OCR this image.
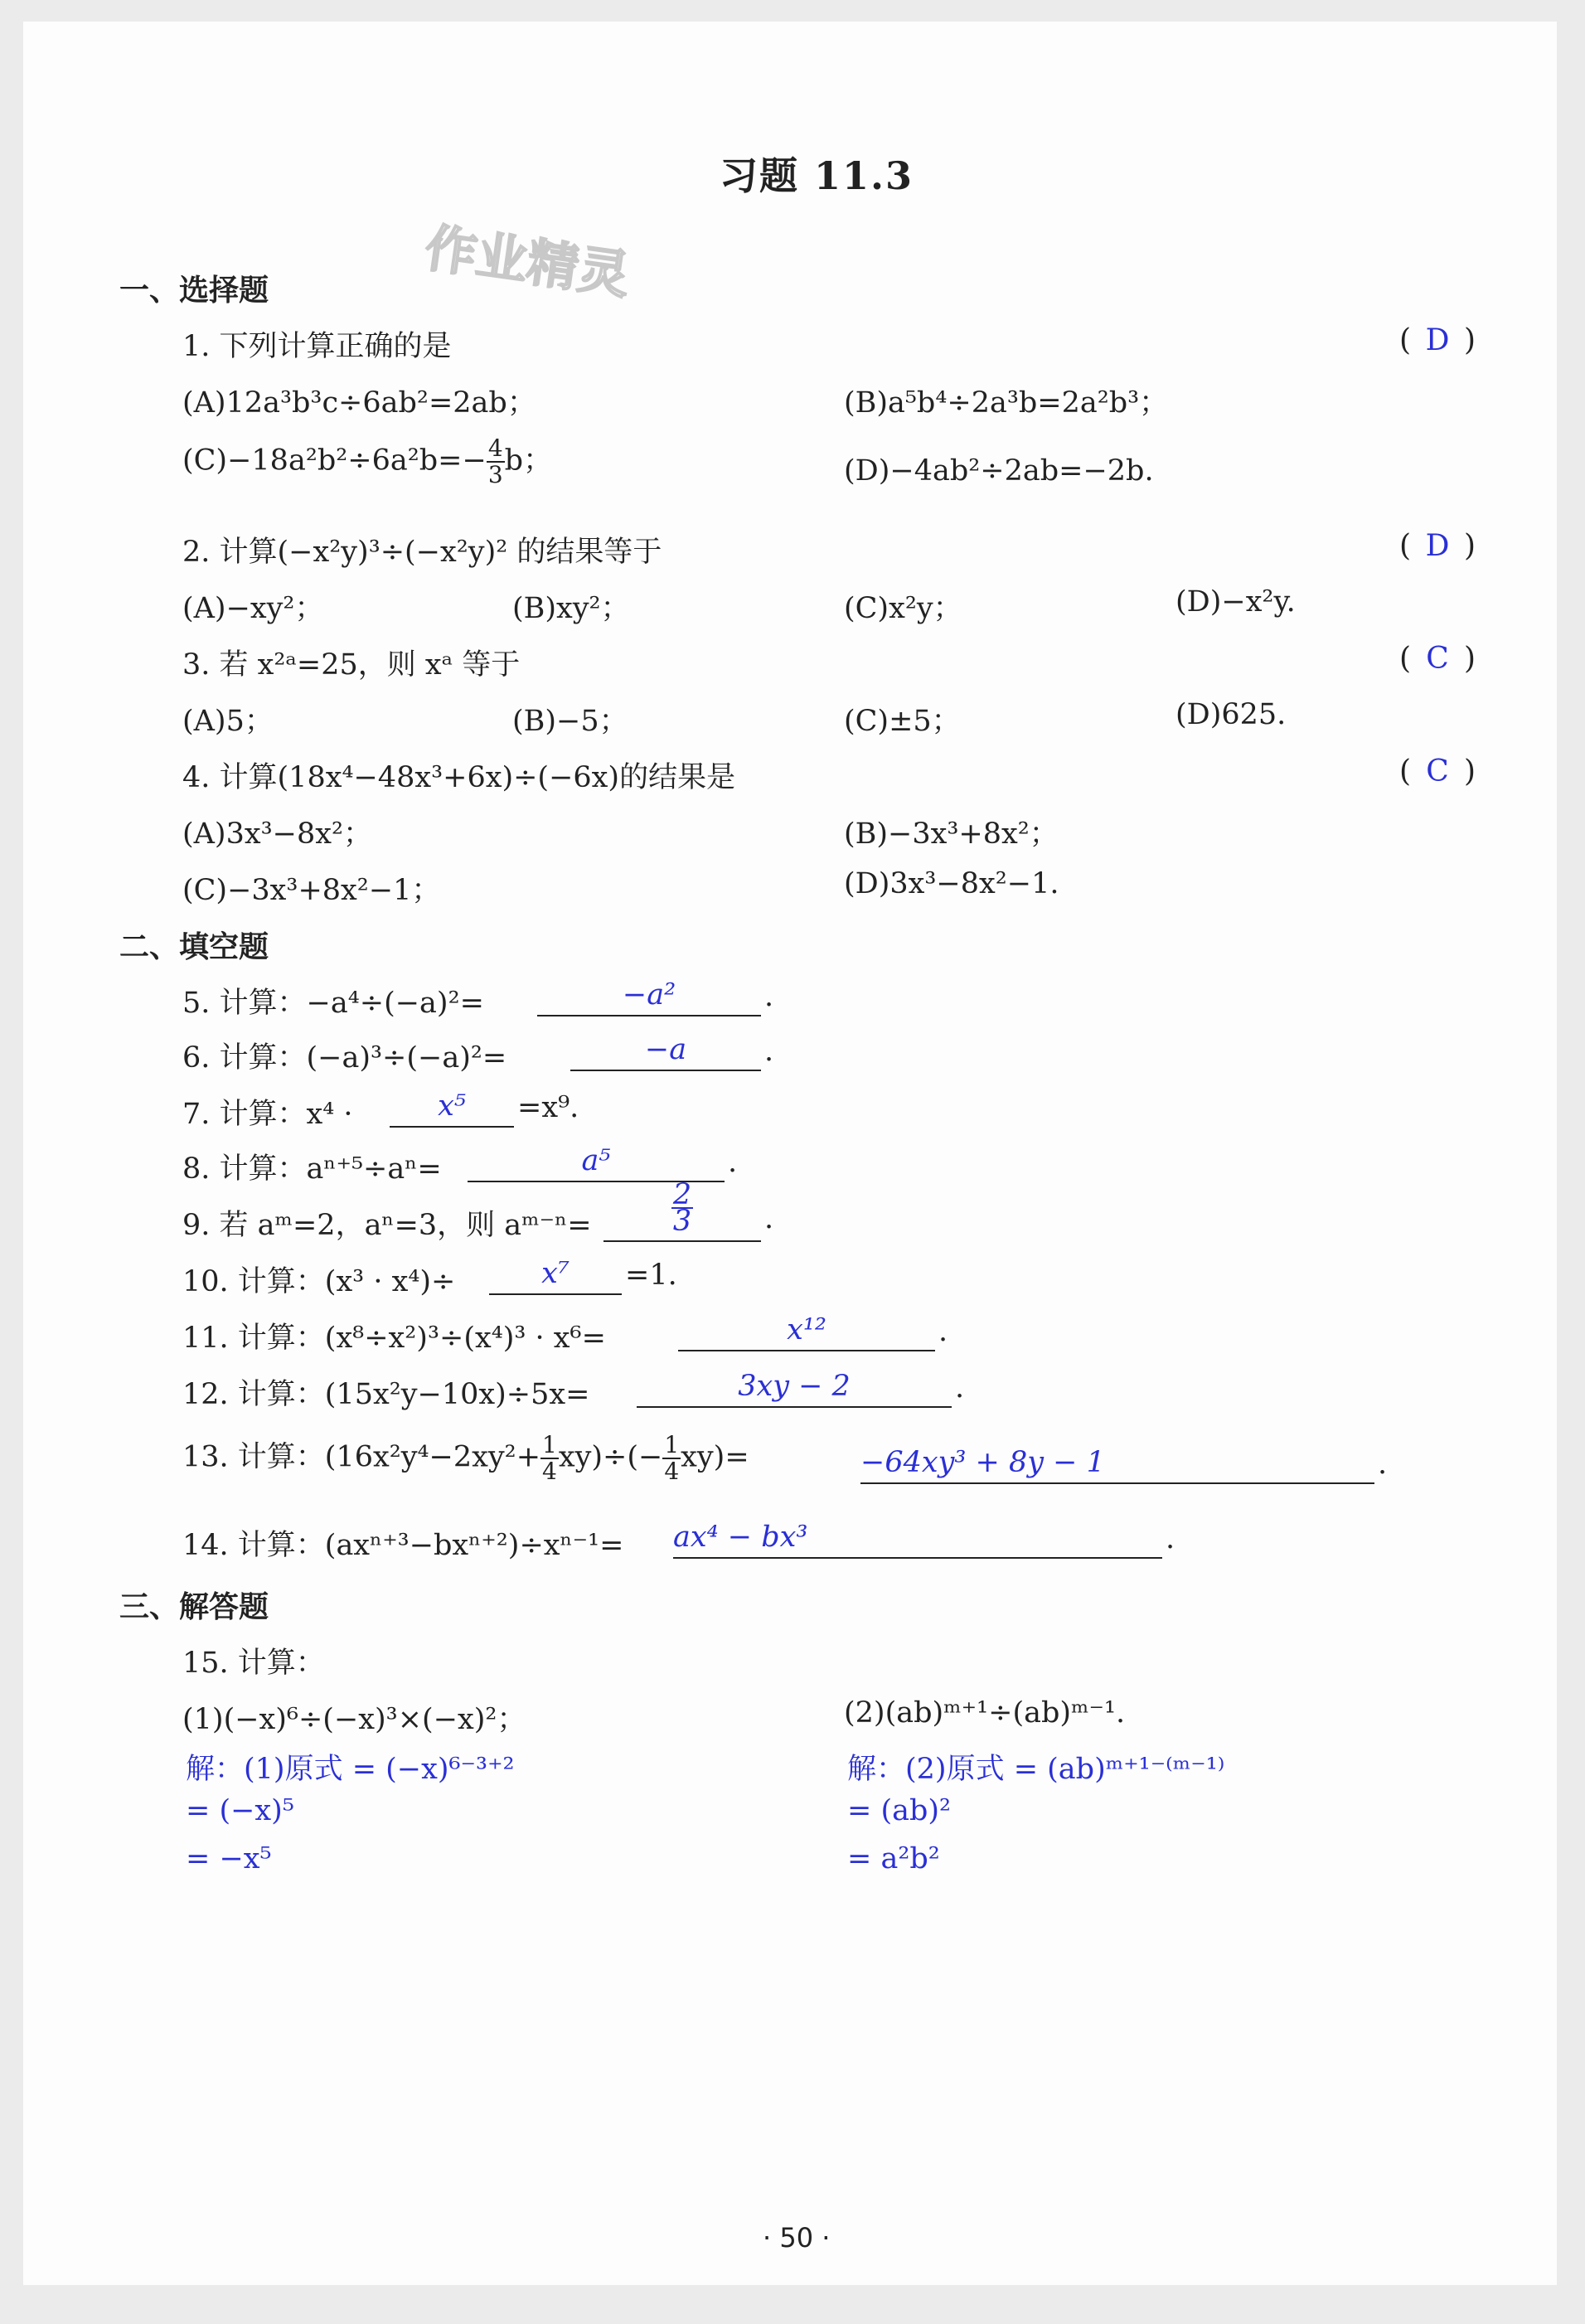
习题 11.3
作业精灵
一、选择题
1. 下列计算正确的是	( D )
(A)12a³b³c÷6ab²=2ab；	(B)a⁵b⁴÷2a³b=2a²b³；
$(C)-18a^2b^2\div 6a^2b=- \frac{4}{3}$ b；	(D)−4ab²÷2ab=−2b.
2. 计算(−x²y)³÷(−x²y)² 的结果等于	( D )
(A)−xy²；	(B)xy²；	(C)x²y；	(D)−x²y.
3. 若 x²ᵃ=25，则 xᵃ 等于	( C )
(A)5；	(B)−5；	(C)±5；	(D)625.
4. 计算(18x⁴−48x³+6x)÷(−6x)的结果是	( C )
(A)3x³−8x²；	(B)−3x³+8x²；
(C)−3x³+8x²−1；	(D)3x³−8x²−1.
二、填空题
5. 计算：−a⁴÷(−a)²=	−a²	.
6. 计算：(−a)³÷(−a)²=	−a	.
7. 计算：x⁴ ·	x⁵	=x⁹.
8. 计算：aⁿ⁺⁵÷aⁿ=	a⁵	.
9. 若 aᵐ=2，aⁿ=3，则 aᵐ⁻ⁿ=	$\frac{2}{3}$ .
10. 计算：(x³ · x⁴)÷	x⁷	=1.
11. 计算：(x⁸÷x²)³÷(x⁴)³ · x⁶=	x¹²	.
12. 计算：(15x²y−10x)÷5x=	3xy − 2	.
13. 计算：$(16x^2y^4-2xy^2+ \frac{1}{4} xy)\div(- \frac{1}{4} xy)=$	−64xy³ + 8y − 1	.
14. 计算：(axⁿ⁺³−bxⁿ⁺²)÷xⁿ⁻¹= ax⁴ − bx³	.
三、解答题
15. 计算：
(1)(−x)⁶÷(−x)³×(−x)²；	(2)(ab)ᵐ⁺¹÷(ab)ᵐ⁻¹.
解：(1)原式 = (−x)⁶⁻³⁺²
= (−x)⁵
= −x⁵
解：(2)原式 = (ab)ᵐ⁺¹⁻⁽ᵐ⁻¹⁾
= (ab)²
= a²b²
· 50 ·
